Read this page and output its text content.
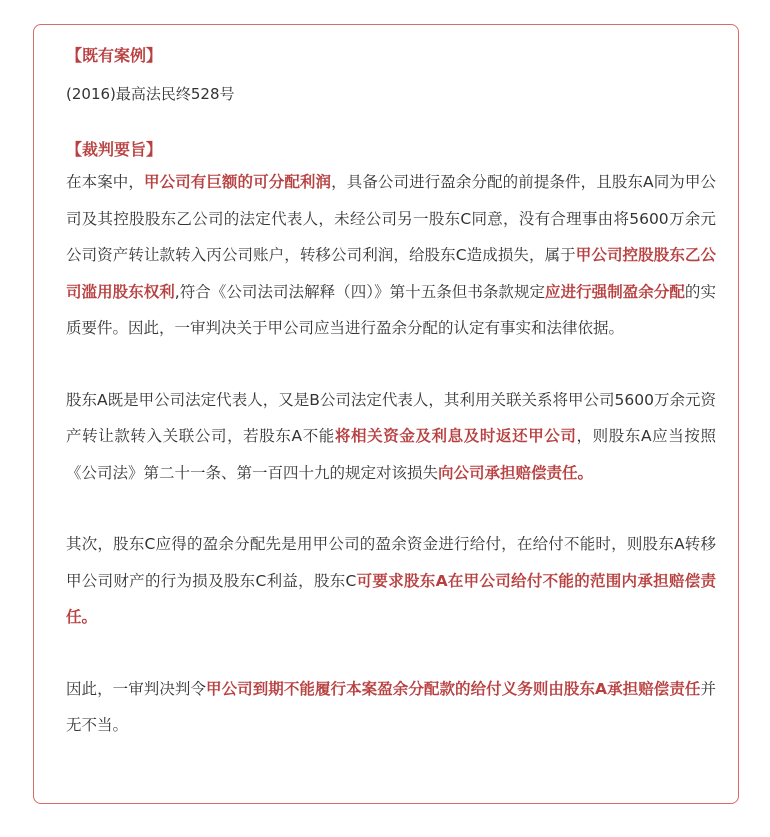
【既有案例】

(2016)最高法民终528号

【裁判要旨】

在本案中，甲公司有巨额的可分配利润，具备公司进行盈余分配的前提条件，且股东A同为甲公司及其控股股东乙公司的法定代表人，未经公司另一股东C同意，没有合理事由将5600万余元公司资产转让款转入丙公司账户，转移公司利润，给股东C造成损失，属于甲公司控股股东乙公司滥用股东权利,符合《公司法司法解释（四）》第十五条但书条款规定应进行强制盈余分配的实质要件。因此，一审判决关于甲公司应当进行盈余分配的认定有事实和法律依据。

股东A既是甲公司法定代表人，又是B公司法定代表人，其利用关联关系将甲公司5600万余元资产转让款转入关联公司，若股东A不能将相关资金及利息及时返还甲公司，则股东A应当按照《公司法》第二十一条、第一百四十九的规定对该损失向公司承担赔偿责任。

其次，股东C应得的盈余分配先是用甲公司的盈余资金进行给付，在给付不能时，则股东A转移甲公司财产的行为损及股东C利益，股东C可要求股东A在甲公司给付不能的范围内承担赔偿责任。

因此，一审判决判令甲公司到期不能履行本案盈余分配款的给付义务则由股东A承担赔偿责任并无不当。
